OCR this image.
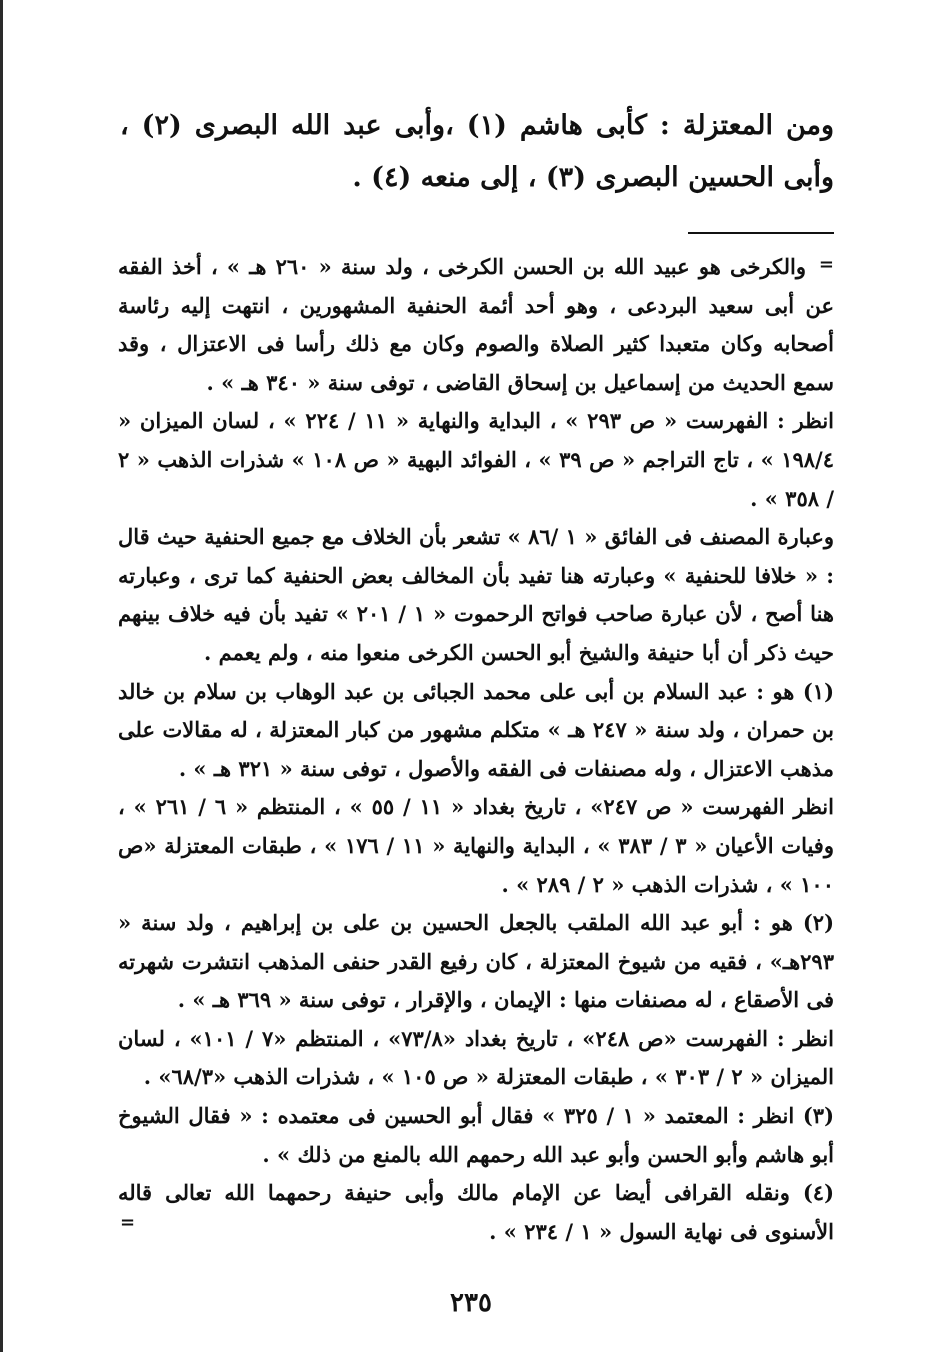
ومن المعتزلة : كأبى هاشم (١) ،وأبى عبد الله البصرى (٢) ، وأبى الحسين البصرى (٣) ، إلى منعه (٤) .
=

والكرخى هو عبيد الله بن الحسن الكرخى ، ولد سنة « ٢٦٠ هـ » ، أخذ الفقه عن أبى سعيد البردعى ، وهو أحد أئمة الحنفية المشهورين ، انتهت إليه رئاسة أصحابه وكان متعبدا كثير الصلاة والصوم وكان مع ذلك رأسا فى الاعتزال ، وقد سمع الحديث من إسماعيل بن إسحاق القاضى ، توفى سنة « ٣٤٠ هـ » .

انظر : الفهرست « ص ٢٩٣ » ، البداية والنهاية « ١١ / ٢٢٤ » ، لسان الميزان « ١٩٨/٤ » ، تاج التراجم « ص ٣٩ » ، الفوائد البهية « ص ١٠٨ » شذرات الذهب « ٢ / ٣٥٨ » .

وعبارة المصنف فى الفائق « ١ /٨٦ » تشعر بأن الخلاف مع جميع الحنفية حيث قال : « خلافا للحنفية » وعبارته هنا تفيد بأن المخالف بعض الحنفية كما ترى ، وعبارته هنا أصح ، لأن عبارة صاحب فواتح الرحموت « ١ / ٢٠١ » تفيد بأن فيه خلاف بينهم حيث ذكر أن أبا حنيفة والشيخ أبو الحسن الكرخى منعوا منه ، ولم يعمم .

(١) هو : عبد السلام بن أبى على محمد الجبائى بن عبد الوهاب بن سلام بن خالد بن حمران ، ولد سنة « ٢٤٧ هـ » متكلم مشهور من كبار المعتزلة ، له مقالات على مذهب الاعتزال ، وله مصنفات فى الفقه والأصول ، توفى سنة « ٣٢١ هـ » .

انظر الفهرست « ص ٢٤٧» ، تاريخ بغداد « ١١ / ٥٥ » ، المنتظم « ٦ / ٢٦١ » ، وفيات الأعيان « ٣ / ٣٨٣ » ، البداية والنهاية « ١١ / ١٧٦ » ، طبقات المعتزلة «ص ١٠٠ » ، شذرات الذهب « ٢ / ٢٨٩ » .

(٢) هو : أبو عبد الله الملقب بالجعل الحسين بن على بن إبراهيم ، ولد سنة « ٢٩٣هـ» ، فقيه من شيوخ المعتزلة ، كان رفيع القدر حنفى المذهب انتشرت شهرته فى الأصقاع ، له مصنفات منها : الإيمان ، والإقرار ، توفى سنة « ٣٦٩ هـ » .

انظر : الفهرست «ص ٢٤٨» ، تاريخ بغداد «٧٣/٨» ، المنتظم «٧ / ١٠١» ، لسان الميزان « ٢ / ٣٠٣ » ، طبقات المعتزلة « ص ١٠٥ » ، شذرات الذهب «٦٨/٣» .

(٣) انظر : المعتمد « ١ / ٣٢٥ » فقال أبو الحسين فى معتمده : « فقال الشيوخ أبو هاشم وأبو الحسن وأبو عبد الله رحمهم الله بالمنع من ذلك » .

(٤) ونقله القرافى أيضا عن الإمام مالك وأبى حنيفة رحمهما الله تعالى قاله الأسنوى فى نهاية السول « ١ / ٢٣٤ » .

=
٢٣٥
